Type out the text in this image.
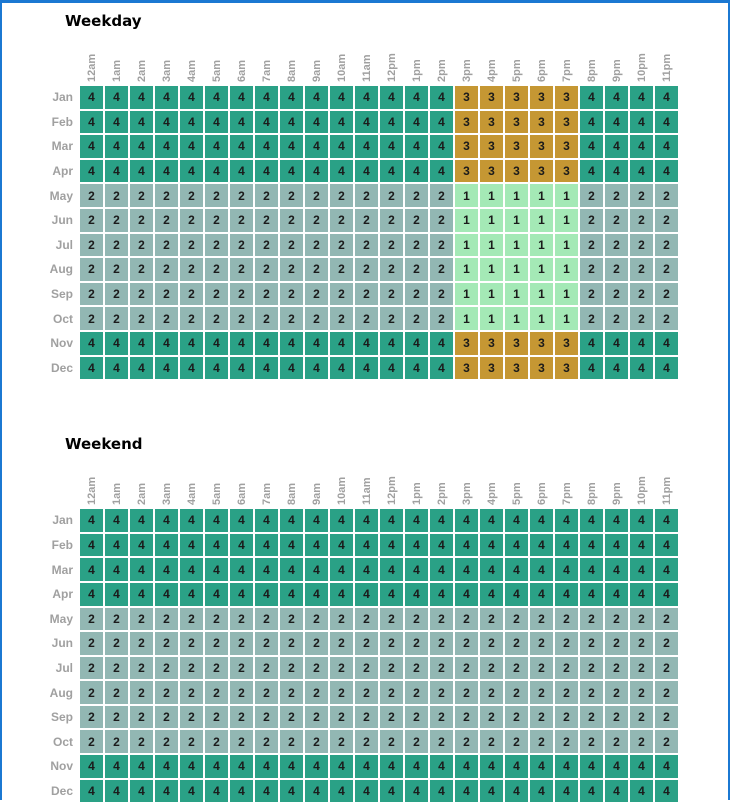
Weekday
12am 1am 2am 3am 4am 5am 6am 7am 8am 9am 10am 11am 12pm 1pm 2pm 3pm 4pm 5pm 6pm 7pm 8pm 9pm 10pm 11pm
Jan	4	4	4	4	4	4	4	4	4	4	4	4	4	4	4	3	3	3	3	3	4	4	4	4
Feb	4	4	4	4	4	4	4	4	4	4	4	4	4	4	4	3	3	3	3	3	4	4	4	4
Mar	4	4	4	4	4	4	4	4	4	4	4	4	4	4	4	3	3	3	3	3	4	4	4	4
Apr	4	4	4	4	4	4	4	4	4	4	4	4	4	4	4	3	3	3	3	3	4	4	4	4
May	2	2	2	2	2	2	2	2	2	2	2	2	2	2	2	1	1	1	1	1	2	2	2	2
Jun	2	2	2	2	2	2	2	2	2	2	2	2	2	2	2	1	1	1	1	1	2	2	2	2
Jul	2	2	2	2	2	2	2	2	2	2	2	2	2	2	2	1	1	1	1	1	2	2	2	2
Aug	2	2	2	2	2	2	2	2	2	2	2	2	2	2	2	1	1	1	1	1	2	2	2	2
Sep	2	2	2	2	2	2	2	2	2	2	2	2	2	2	2	1	1	1	1	1	2	2	2	2
Oct	2	2	2	2	2	2	2	2	2	2	2	2	2	2	2	1	1	1	1	1	2	2	2	2
Nov	4	4	4	4	4	4	4	4	4	4	4	4	4	4	4	3	3	3	3	3	4	4	4	4
Dec	4	4	4	4	4	4	4	4	4	4	4	4	4	4	4	3	3	3	3	3	4	4	4	4
Weekend
12am 1am 2am 3am 4am 5am 6am 7am 8am 9am 10am 11am 12pm 1pm 2pm 3pm 4pm 5pm 6pm 7pm 8pm 9pm 10pm 11pm
Jan	4	4	4	4	4	4	4	4	4	4	4	4	4	4	4	4	4	4	4	4	4	4	4	4
Feb	4	4	4	4	4	4	4	4	4	4	4	4	4	4	4	4	4	4	4	4	4	4	4	4
Mar	4	4	4	4	4	4	4	4	4	4	4	4	4	4	4	4	4	4	4	4	4	4	4	4
Apr	4	4	4	4	4	4	4	4	4	4	4	4	4	4	4	4	4	4	4	4	4	4	4	4
May	2	2	2	2	2	2	2	2	2	2	2	2	2	2	2	2	2	2	2	2	2	2	2	2
Jun	2	2	2	2	2	2	2	2	2	2	2	2	2	2	2	2	2	2	2	2	2	2	2	2
Jul	2	2	2	2	2	2	2	2	2	2	2	2	2	2	2	2	2	2	2	2	2	2	2	2
Aug	2	2	2	2	2	2	2	2	2	2	2	2	2	2	2	2	2	2	2	2	2	2	2	2
Sep	2	2	2	2	2	2	2	2	2	2	2	2	2	2	2	2	2	2	2	2	2	2	2	2
Oct	2	2	2	2	2	2	2	2	2	2	2	2	2	2	2	2	2	2	2	2	2	2	2	2
Nov	4	4	4	4	4	4	4	4	4	4	4	4	4	4	4	4	4	4	4	4	4	4	4	4
Dec	4	4	4	4	4	4	4	4	4	4	4	4	4	4	4	4	4	4	4	4	4	4	4	4
